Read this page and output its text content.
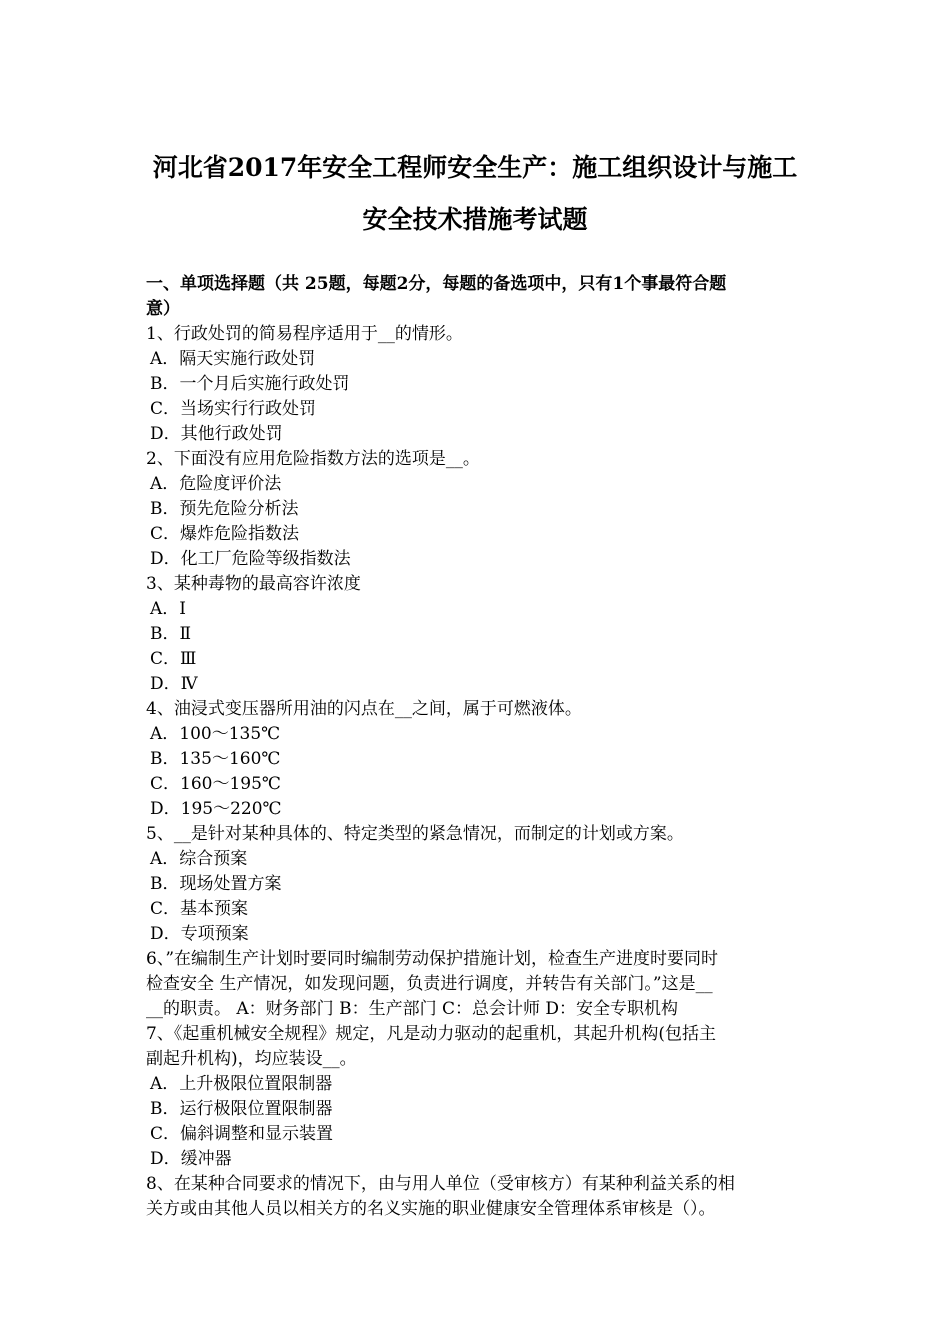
河北省2017年安全工程师安全生产：施工组织设计与施工
安全技术措施考试题
一、单项选择题（共 25题，每题2分，每题的备选项中，只有1个事最符合题
意）
1、行政处罚的简易程序适用于__的情形。
A．隔天实施行政处罚
B．一个月后实施行政处罚
C．当场实行行政处罚
D．其他行政处罚
2、下面没有应用危险指数方法的选项是__。
A．危险度评价法
B．预先危险分析法
C．爆炸危险指数法
D．化工厂危险等级指数法
3、某种毒物的最高容许浓度
A．Ⅰ
B．Ⅱ
C．Ⅲ
D．Ⅳ
4、油浸式变压器所用油的闪点在__之间，属于可燃液体。
A．100～135℃
B．135～160℃
C．160～195℃
D．195～220℃
5、__是针对某种具体的、特定类型的紧急情况，而制定的计划或方案。
A．综合预案
B．现场处置方案
C．基本预案
D．专项预案
6、”在编制生产计划时要同时编制劳动保护措施计划，检查生产进度时要同时
检查安全 生产情况，如发现问题，负责进行调度，并转告有关部门。”这是__
__的职责。 A：财务部门 B：生产部门 C：总会计师 D：安全专职机构
7、《起重机械安全规程》规定，凡是动力驱动的起重机，其起升机构(包括主
副起升机构)，均应装设__。
A．上升极限位置限制器
B．运行极限位置限制器
C．偏斜调整和显示装置
D．缓冲器
8、在某种合同要求的情况下，由与用人单位（受审核方）有某种利益关系的相
关方或由其他人员以相关方的名义实施的职业健康安全管理体系审核是（）。
